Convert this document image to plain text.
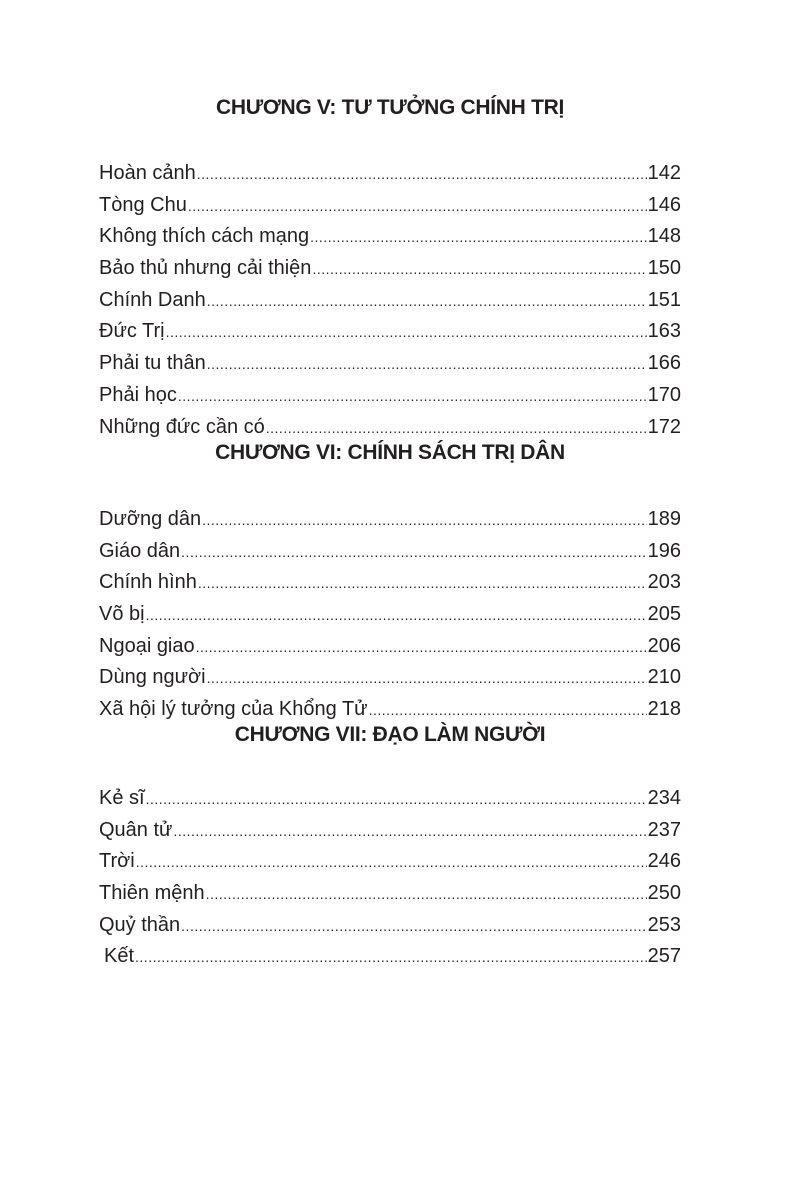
CHƯƠNG V: TƯ TƯỞNG CHÍNH TRỊ
Hoàn cảnh .....	142
Tòng Chu .....	146
Không thích cách mạng .....	148
Bảo thủ nhưng cải thiện .....	150
Chính Danh .....	151
Đức Trị .....	163
Phải tu thân .....	166
Phải học .....	170
Những đức cần có .....	172
CHƯƠNG VI: CHÍNH SÁCH TRỊ DÂN
Dưỡng dân .....	189
Giáo dân .....	196
Chính hình .....	203
Võ bị .....	205
Ngoại giao .....	206
Dùng người .....	210
Xã hội lý tưởng của Khổng Tử .....	218
CHƯƠNG VII: ĐẠO LÀM NGƯỜI
Kẻ sĩ .....	234
Quân tử .....	237
Trời .....	246
Thiên mệnh .....	250
Quỷ thần .....	253
Kết .....	257
